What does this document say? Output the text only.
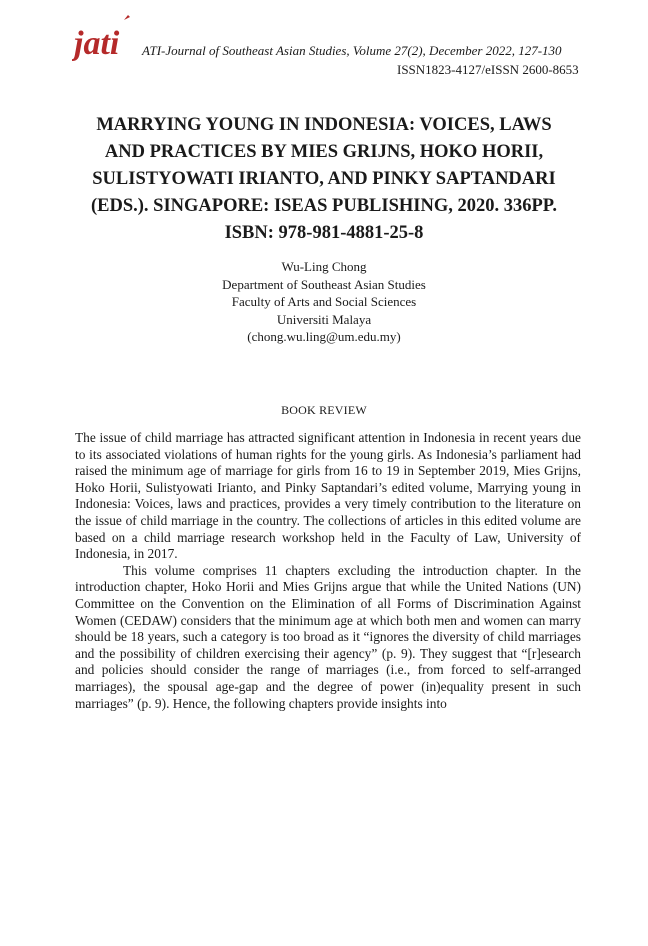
jati ATI-Journal of Southeast Asian Studies, Volume 27(2), December 2022, 127-130
ISSN1823-4127/eISSN 2600-8653
MARRYING YOUNG IN INDONESIA: VOICES, LAWS
AND PRACTICES BY MIES GRIJNS, HOKO HORII,
SULISTYOWATI IRIANTO, AND PINKY SAPTANDARI
(EDS.). SINGAPORE: ISEAS PUBLISHING, 2020. 336PP.
ISBN: 978-981-4881-25-8
Wu-Ling Chong
Department of Southeast Asian Studies
Faculty of Arts and Social Sciences
Universiti Malaya
(chong.wu.ling@um.edu.my)
BOOK REVIEW

The issue of child marriage has attracted significant attention in Indonesia in recent years due to its associated violations of human rights for the young girls. As Indonesia’s parliament had raised the minimum age of marriage for girls from 16 to 19 in September 2019, Mies Grijns, Hoko Horii, Sulistyowati Irianto, and Pinky Saptandari’s edited volume, Marrying young in Indonesia: Voices, laws and practices, provides a very timely contribution to the literature on the issue of child marriage in the country. The collections of articles in this edited volume are based on a child marriage research workshop held in the Faculty of Law, University of Indonesia, in 2017.

This volume comprises 11 chapters excluding the introduction chapter. In the introduction chapter, Hoko Horii and Mies Grijns argue that while the United Nations (UN) Committee on the Convention on the Elimination of all Forms of Discrimination Against Women (CEDAW) considers that the minimum age at which both men and women can marry should be 18 years, such a category is too broad as it “ignores the diversity of child marriages and the possibility of children exercising their agency” (p. 9). They suggest that “[r]esearch and policies should consider the range of marriages (i.e., from forced to self-arranged marriages), the spousal age-gap and the degree of power (in)equality present in such marriages” (p. 9). Hence, the following chapters provide insights into
